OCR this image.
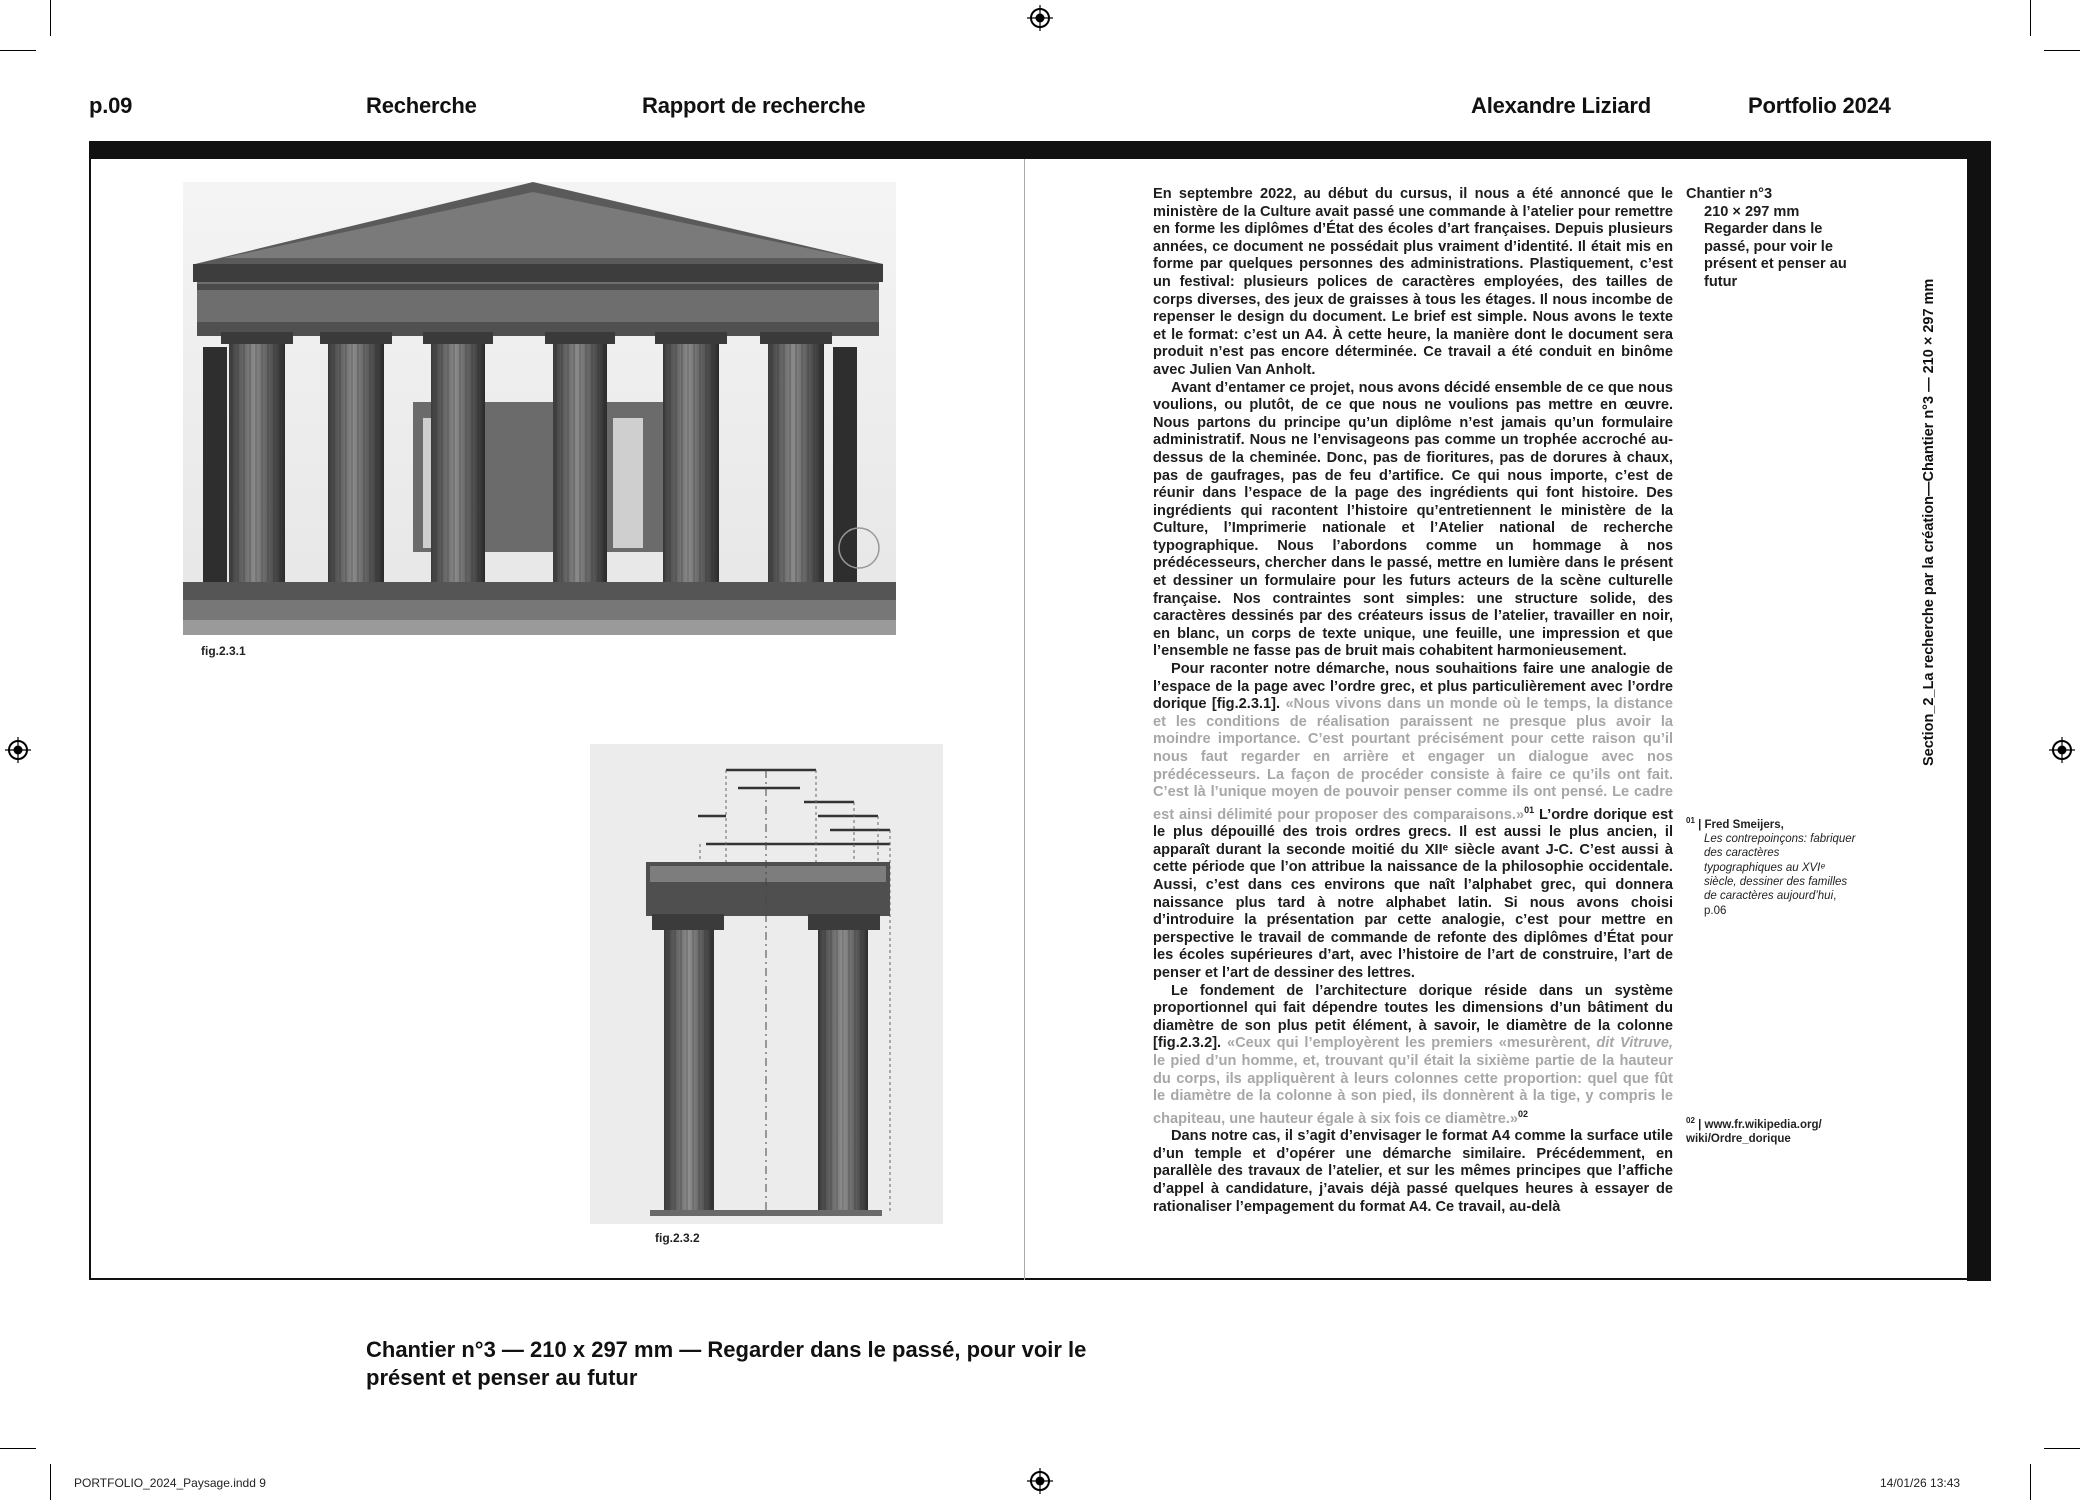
p.09	Recherche	Rapport de recherche	Alexandre Liziard	Portfolio 2024
fig.2.3.1
fig.2.3.2

En septembre 2022, au début du cursus, il nous a été annoncé que le ministère de la Culture avait passé une commande à l’atelier pour remettre en forme les diplômes d’État des écoles d’art françaises. Depuis plusieurs années, ce document ne possédait plus vraiment d’identité. Il était mis en forme par quelques personnes des administrations. Plastiquement, c’est un festival: plusieurs polices de caractères employées, des tailles de corps diverses, des jeux de graisses à tous les étages. Il nous incombe de repenser le design du document. Le brief est simple. Nous avons le texte et le format: c’est un A4. À cette heure, la manière dont le document sera produit n’est pas encore déterminée. Ce travail a été conduit en binôme avec Julien Van Anholt.

Avant d’entamer ce projet, nous avons décidé ensemble de ce que nous voulions, ou plutôt, de ce que nous ne voulions pas mettre en œuvre. Nous partons du principe qu’un diplôme n’est jamais qu’un formulaire administratif. Nous ne l’envisageons pas comme un trophée accroché au-dessus de la cheminée. Donc, pas de fioritures, pas de dorures à chaux, pas de gaufrages, pas de feu d’artifice. Ce qui nous importe, c’est de réunir dans l’espace de la page des ingrédients qui font histoire. Des ingrédients qui racontent l’histoire qu’entretiennent le ministère de la Culture, l’Imprimerie nationale et l’Atelier national de recherche typographique. Nous l’abordons comme un hommage à nos prédécesseurs, chercher dans le passé, mettre en lumière dans le présent et dessiner un formulaire pour les futurs acteurs de la scène culturelle française. Nos contraintes sont simples: une structure solide, des caractères dessinés par des créateurs issus de l’atelier, travailler en noir, en blanc, un corps de texte unique, une feuille, une impression et que l’ensemble ne fasse pas de bruit mais cohabitent harmonieusement.

Pour raconter notre démarche, nous souhaitions faire une analogie de l’espace de la page avec l’ordre grec, et plus particulièrement avec l’ordre dorique [fig.2.3.1]. «Nous vivons dans un monde où le temps, la distance et les conditions de réalisation paraissent ne presque plus avoir la moindre importance. C’est pourtant précisément pour cette raison qu’il nous faut regarder en arrière et engager un dialogue avec nos prédécesseurs. La façon de procéder consiste à faire ce qu’ils ont fait. C’est là l’unique moyen de pouvoir penser comme ils ont pensé. Le cadre est ainsi délimité pour proposer des comparaisons.»$^{01}$ L’ordre dorique est le plus dépouillé des trois ordres grecs. Il est aussi le plus ancien, il apparaît durant la seconde moitié du XIIᵉ siècle avant J-C. C’est aussi à cette période que l’on attribue la naissance de la philosophie occidentale. Aussi, c’est dans ces environs que naît l’alphabet grec, qui donnera naissance plus tard à notre alphabet latin. Si nous avons choisi d’introduire la présentation par cette analogie, c’est pour mettre en perspective le travail de commande de refonte des diplômes d’État pour les écoles supérieures d’art, avec l’histoire de l’art de construire, l’art de penser et l’art de dessiner des lettres.

Le fondement de l’architecture dorique réside dans un système proportionnel qui fait dépendre toutes les dimensions d’un bâtiment du diamètre de son plus petit élément, à savoir, le diamètre de la colonne [fig.2.3.2]. «Ceux qui l’employèrent les premiers «mesurèrent, dit Vitruve, le pied d’un homme, et, trouvant qu’il était la sixième partie de la hauteur du corps, ils appliquèrent à leurs colonnes cette proportion: quel que fût le diamètre de la colonne à son pied, ils donnèrent à la tige, y compris le chapiteau, une hauteur égale à six fois ce diamètre.»$^{02}$

Dans notre cas, il s’agit d’envisager le format A4 comme la surface utile d’un temple et d’opérer une démarche similaire. Précédemment, en parallèle des travaux de l’atelier, et sur les mêmes principes que l’affiche d’appel à candidature, j’avais déjà passé quelques heures à essayer de rationaliser l’empagement du format A4. Ce travail, au-delà

Chantier n°3
210 × 297 mm
Regarder dans le passé, pour voir le présent et penser au futur
$^{01}$ | Fred Smeijers,

Les contrepoinçons: fabriquer des caractères typographiques au XVIᵉ siècle, dessiner des familles de caractères aujourd’hui, p.06
$^{02}$ | www.fr.wikipedia.org/ wiki/Ordre_dorique
Section_2_La recherche par la création—Chantier n°3 — 210 × 297 mm
Chantier n°3 — 210 x 297 mm — Regarder dans le passé, pour voir le présent et penser au futur
PORTFOLIO_2024_Paysage.indd 9	14/01/26 13:43
